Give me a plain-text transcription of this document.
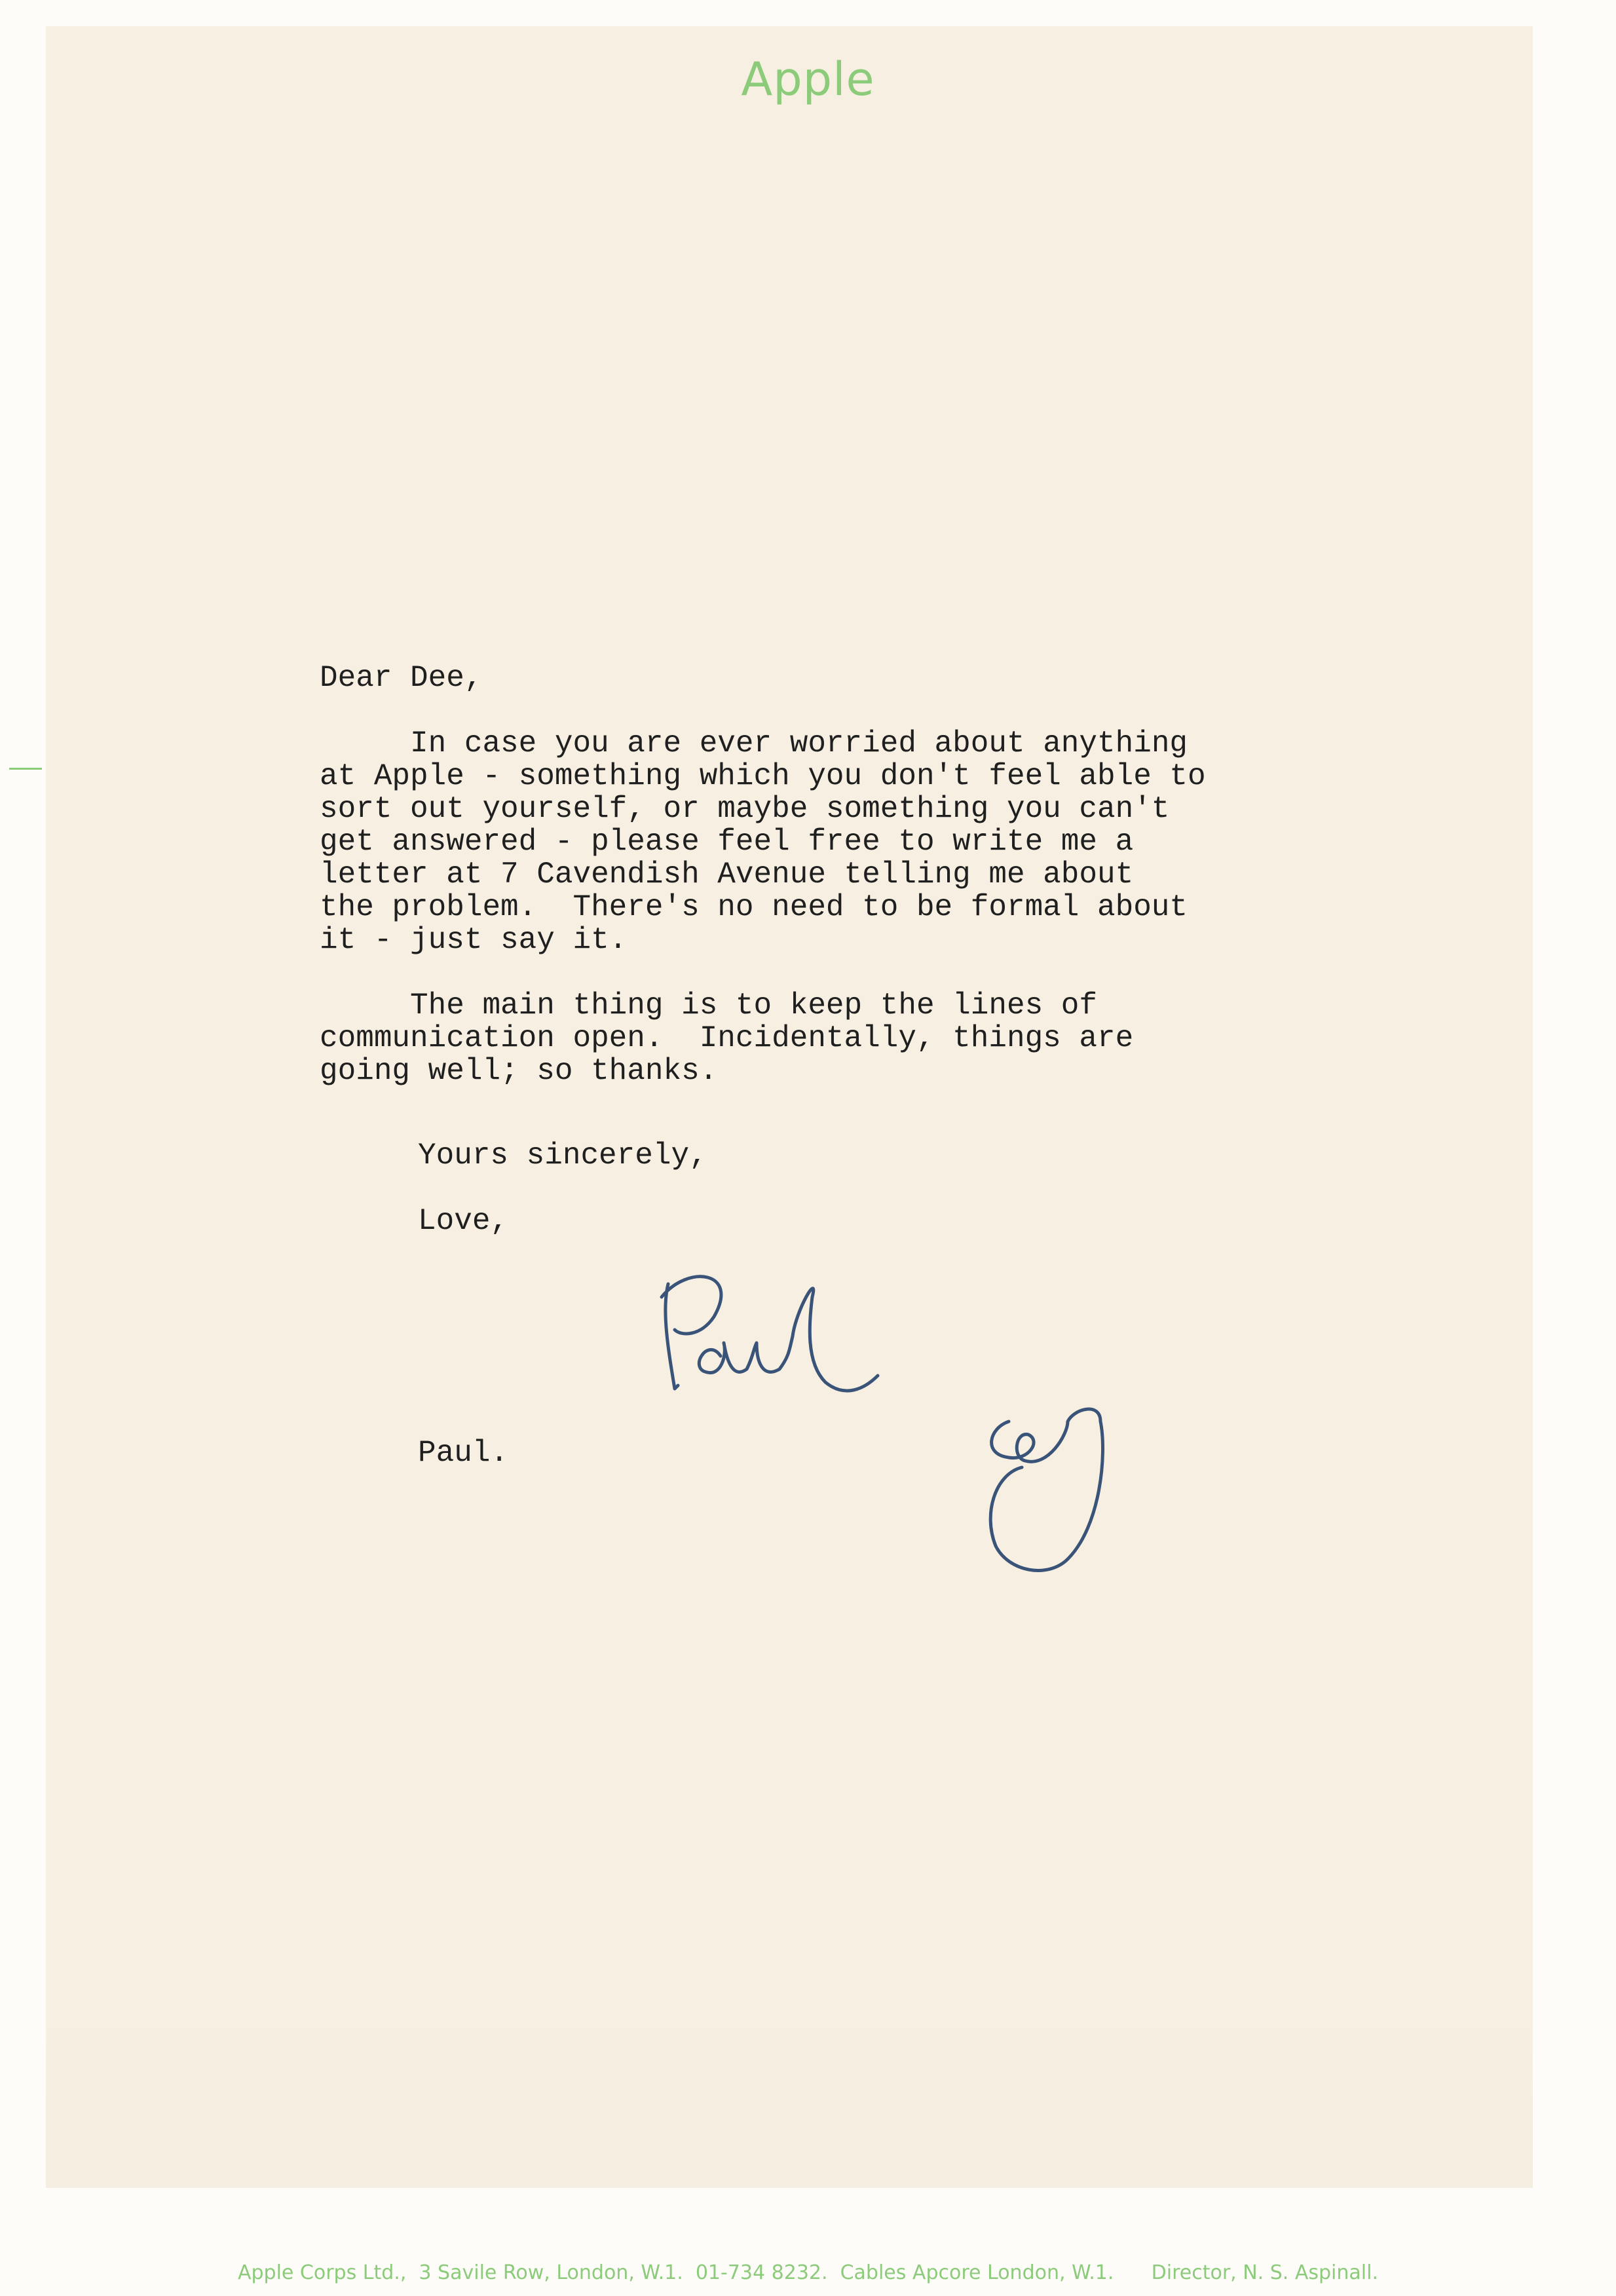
Apple
Dear Dee,
In case you are ever worried about anything
at Apple - something which you don't feel able to
sort out yourself, or maybe something you can't
get answered - please feel free to write me a
letter at 7 Cavendish Avenue telling me about
the problem.  There's no need to be formal about
it - just say it.
The main thing is to keep the lines of
communication open.  Incidentally, things are
going well; so thanks.
Yours sincerely,
Love,
Paul.
Apple Corps Ltd.,  3 Savile Row, London, W.1.  01-734 8232.  Cables Apcore London, W.1.      Director, N. S. Aspinall.
